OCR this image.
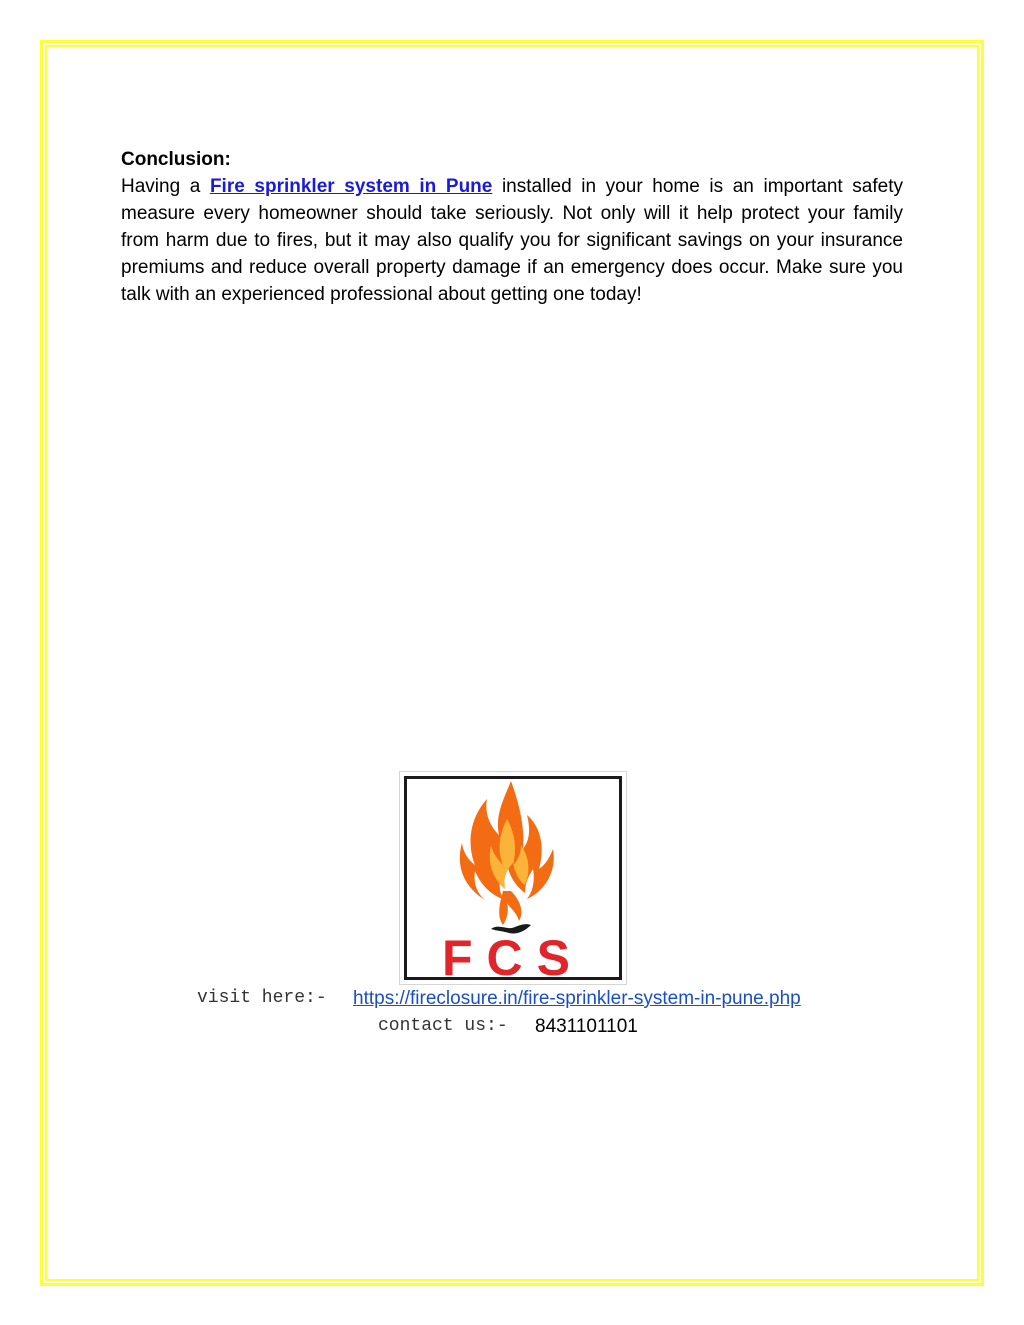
Conclusion:

Having a Fire sprinkler system in Pune installed in your home is an important safety measure every homeowner should take seriously. Not only will it help protect your family from harm due to fires, but it may also qualify you for significant savings on your insurance premiums and reduce overall property damage if an emergency does occur. Make sure you talk with an experienced professional about getting one today!

FCS
visit here:- https://fireclosure.in/fire-sprinkler-system-in-pune.php
contact us:- 8431101101
